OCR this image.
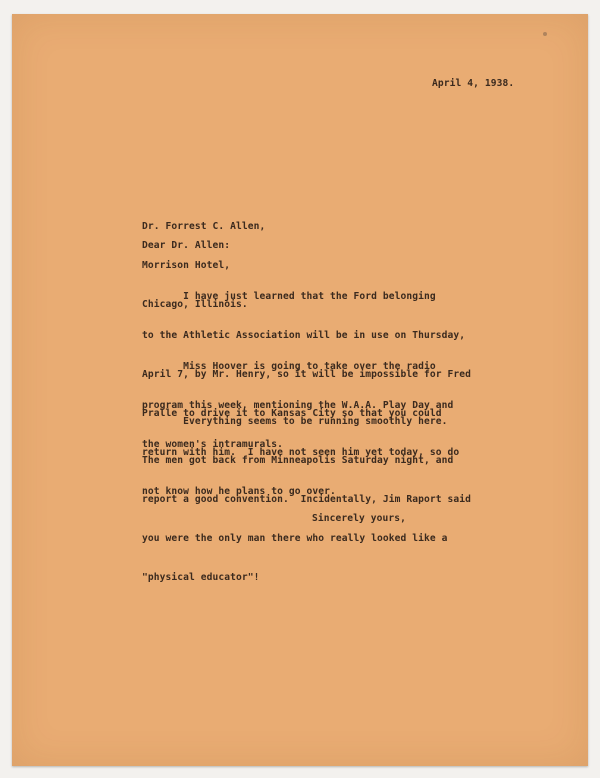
April 4, 1938.

Dr. Forrest C. Allen,

Morrison Hotel,

Chicago, Illinois.

Dear Dr. Allen:

I have just learned that the Ford belonging

to the Athletic Association will be in use on Thursday,

April 7, by Mr. Henry, so it will be impossible for Fred

Pralle to drive it to Kansas City so that you could

return with him.  I have not seen him yet today, so do

not know how he plans to go over.

Miss Hoover is going to take over the radio

program this week, mentioning the W.A.A. Play Day and

the women's intramurals.

Everything seems to be running smoothly here.

The men got back from Minneapolis Saturday night, and

report a good convention.  Incidentally, Jim Raport said

you were the only man there who really looked like a

"physical educator"!

Sincerely yours,
